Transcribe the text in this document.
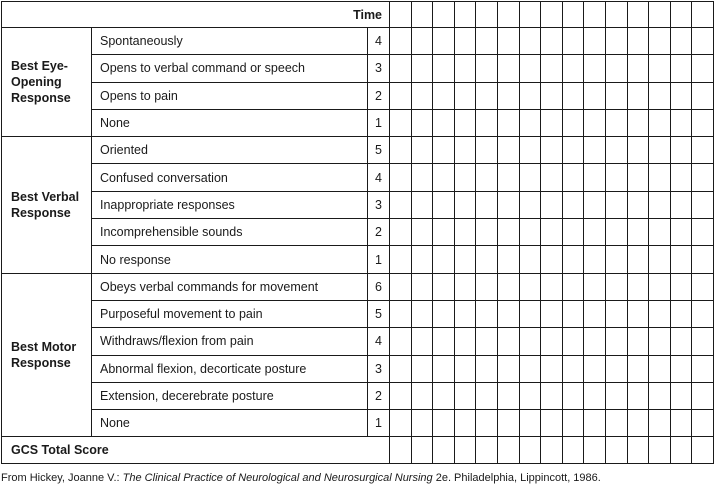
Time																	
Best Eye-Opening Response	Spontaneously	4															
	Opens to verbal command or speech	3															
	Opens to pain	2															
	None	1															
Best Verbal Response	Oriented	5															
	Confused conversation	4															
	Inappropriate responses	3															
	Incomprehensible sounds	2															
	No response	1															
Best Motor Response	Obeys verbal commands for movement	6															
	Purposeful movement to pain	5															
	Withdraws/flexion from pain	4															
	Abnormal flexion, decorticate posture	3															
	Extension, decerebrate posture	2															
	None	1															
GCS Total Score																	
From Hickey, Joanne V.: The Clinical Practice of Neurological and Neurosurgical Nursing 2e. Philadelphia, Lippincott, 1986.
